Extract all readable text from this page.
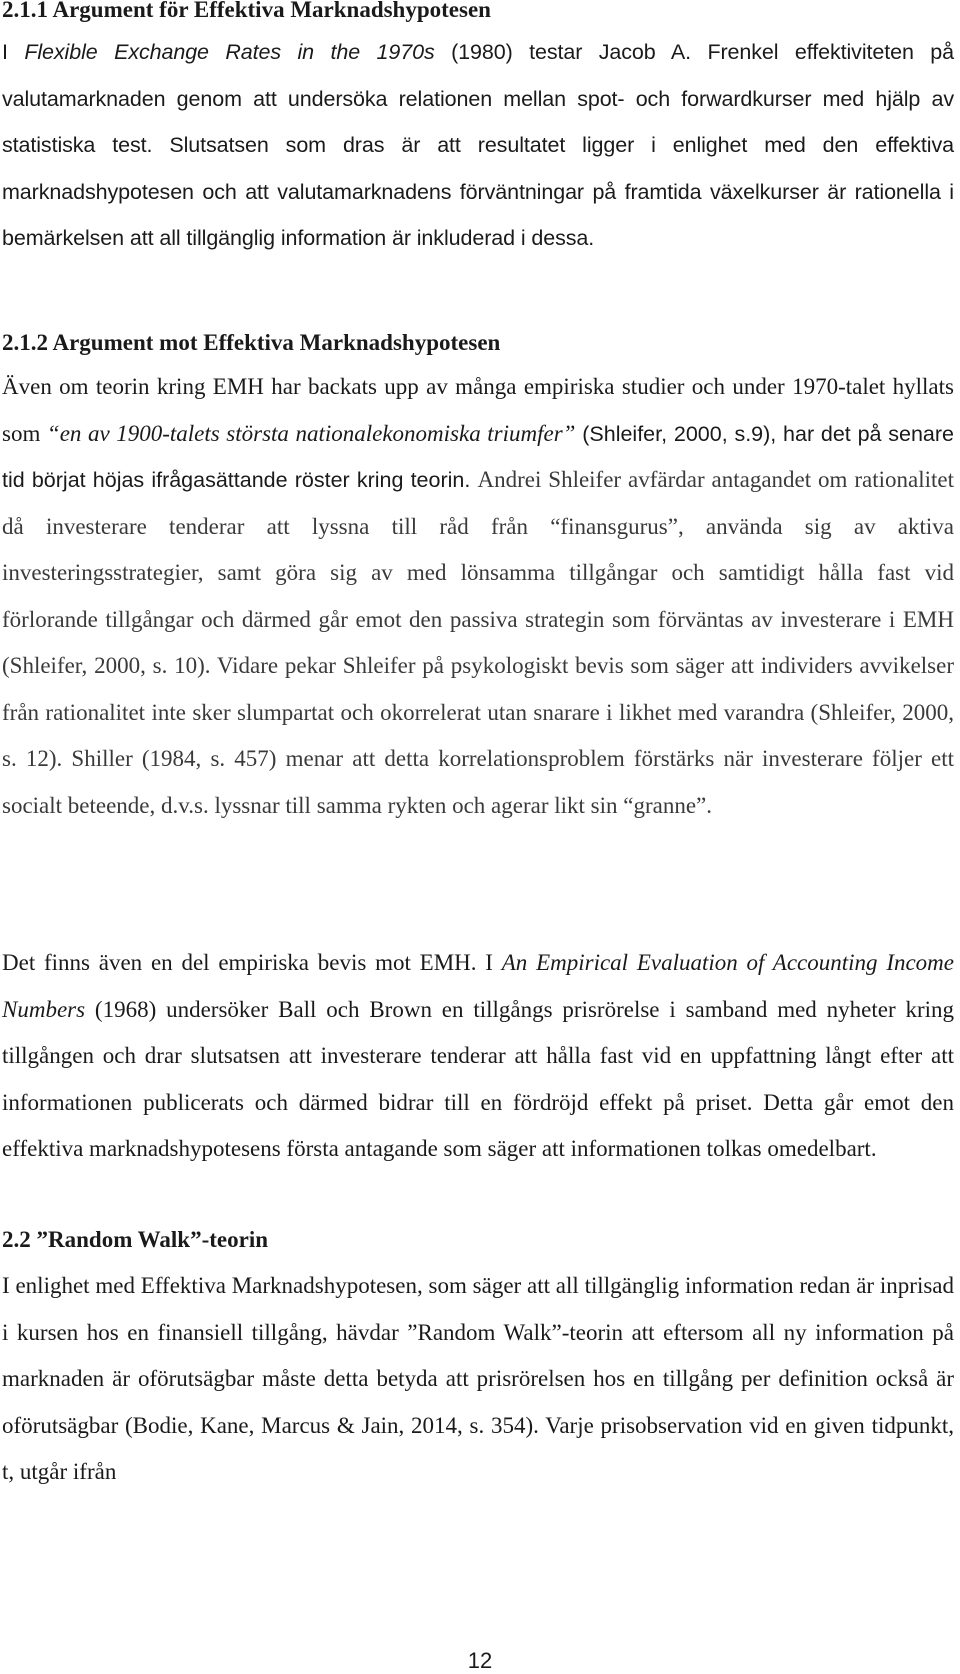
2.1.1 Argument för Effektiva Marknadshypotesen

I Flexible Exchange Rates in the 1970s (1980) testar Jacob A. Frenkel effektiviteten på valutamarknaden genom att undersöka relationen mellan spot- och forwardkurser med hjälp av statistiska test. Slutsatsen som dras är att resultatet ligger i enlighet med den effektiva marknadshypotesen och att valutamarknadens förväntningar på framtida växelkurser är rationella i bemärkelsen att all tillgänglig information är inkluderad i dessa.

2.1.2 Argument mot Effektiva Marknadshypotesen

Även om teorin kring EMH har backats upp av många empiriska studier och under 1970-talet hyllats som “en av 1900-talets största nationalekonomiska triumfer” (Shleifer, 2000, s.9), har det på senare tid börjat höjas ifrågasättande röster kring teorin. Andrei Shleifer avfärdar antagandet om rationalitet då investerare tenderar att lyssna till råd från “finansgurus”, använda sig av aktiva investeringsstrategier, samt göra sig av med lönsamma tillgångar och samtidigt hålla fast vid förlorande tillgångar och därmed går emot den passiva strategin som förväntas av investerare i EMH (Shleifer, 2000, s. 10). Vidare pekar Shleifer på psykologiskt bevis som säger att individers avvikelser från rationalitet inte sker slumpartat och okorrelerat utan snarare i likhet med varandra (Shleifer, 2000, s. 12). Shiller (1984, s. 457) menar att detta korrelationsproblem förstärks när investerare följer ett socialt beteende, d.v.s. lyssnar till samma rykten och agerar likt sin “granne”.

Det finns även en del empiriska bevis mot EMH. I An Empirical Evaluation of Accounting Income Numbers (1968) undersöker Ball och Brown en tillgångs prisrörelse i samband med nyheter kring tillgången och drar slutsatsen att investerare tenderar att hålla fast vid en uppfattning långt efter att informationen publicerats och därmed bidrar till en fördröjd effekt på priset. Detta går emot den effektiva marknadshypotesens första antagande som säger att informationen tolkas omedelbart.

2.2 ”Random Walk”-teorin

I enlighet med Effektiva Marknadshypotesen, som säger att all tillgänglig information redan är inprisad i kursen hos en finansiell tillgång, hävdar ”Random Walk”-teorin att eftersom all ny information på marknaden är oförutsägbar måste detta betyda att prisrörelsen hos en tillgång per definition också är oförutsägbar (Bodie, Kane, Marcus & Jain, 2014, s. 354). Varje prisobservation vid en given tidpunkt, t, utgår ifrån

12
